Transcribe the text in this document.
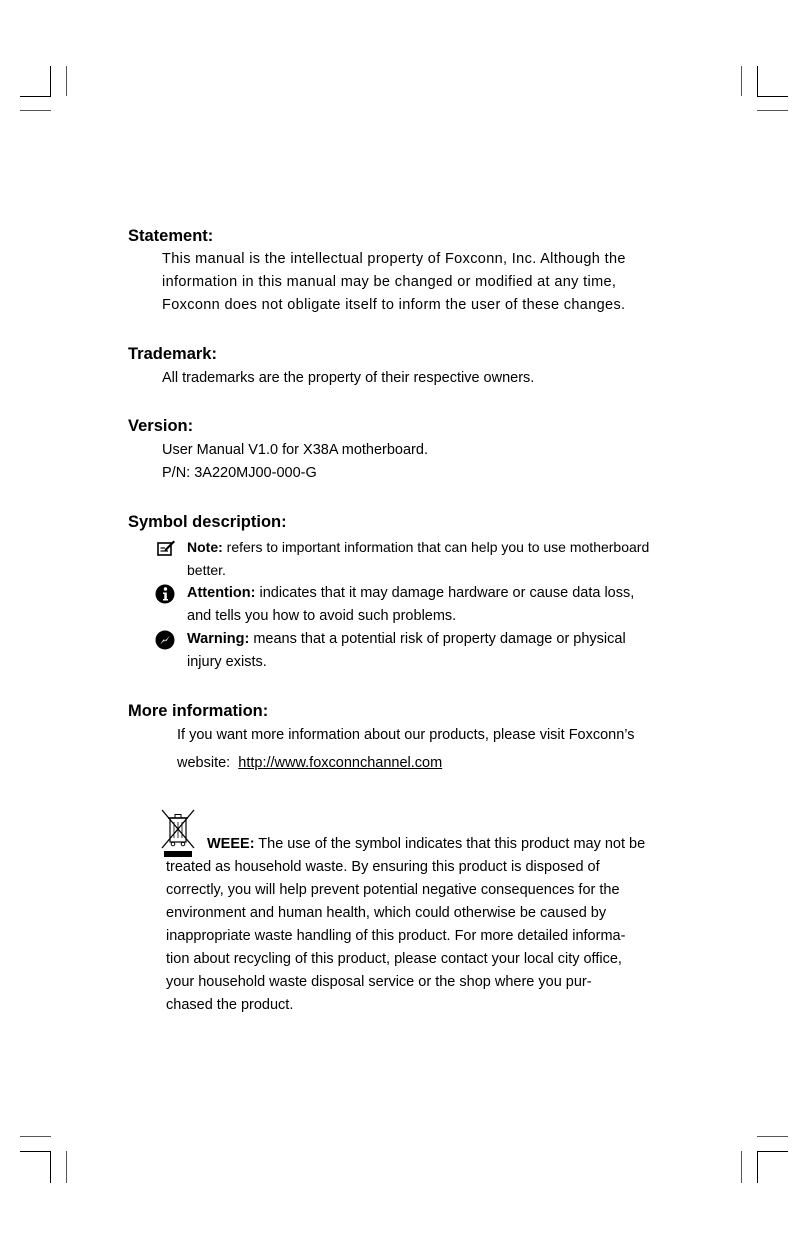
Statement:
This manual is the intellectual property of Foxconn, Inc. Although the
information in this manual may be changed or modified at any time,
Foxconn does not obligate itself to inform the user of these changes.
Trademark:
All trademarks are the property of their respective owners.
Version:
User Manual V1.0 for X38A motherboard.
P/N: 3A220MJ00-000-G
Symbol description:
Note: refers to important information that can help you to use motherboard
better.
Attention: indicates that it may damage hardware or cause data loss,
and tells you how to avoid such problems.
Warning: means that a potential risk of property damage or physical
injury exists.
More information:
If you want more information about our products, please visit Foxconn’s
website: http://www.foxconnchannel.com
WEEE: The use of the symbol indicates that this product may not be
treated as household waste. By ensuring this product is disposed of
correctly, you will help prevent potential negative consequences for the
environment and human health, which could otherwise be caused by
inappropriate waste handling of this product. For more detailed informa-
tion about recycling of this product, please contact your local city office,
your household waste disposal service or the shop where you pur-
chased the product.
